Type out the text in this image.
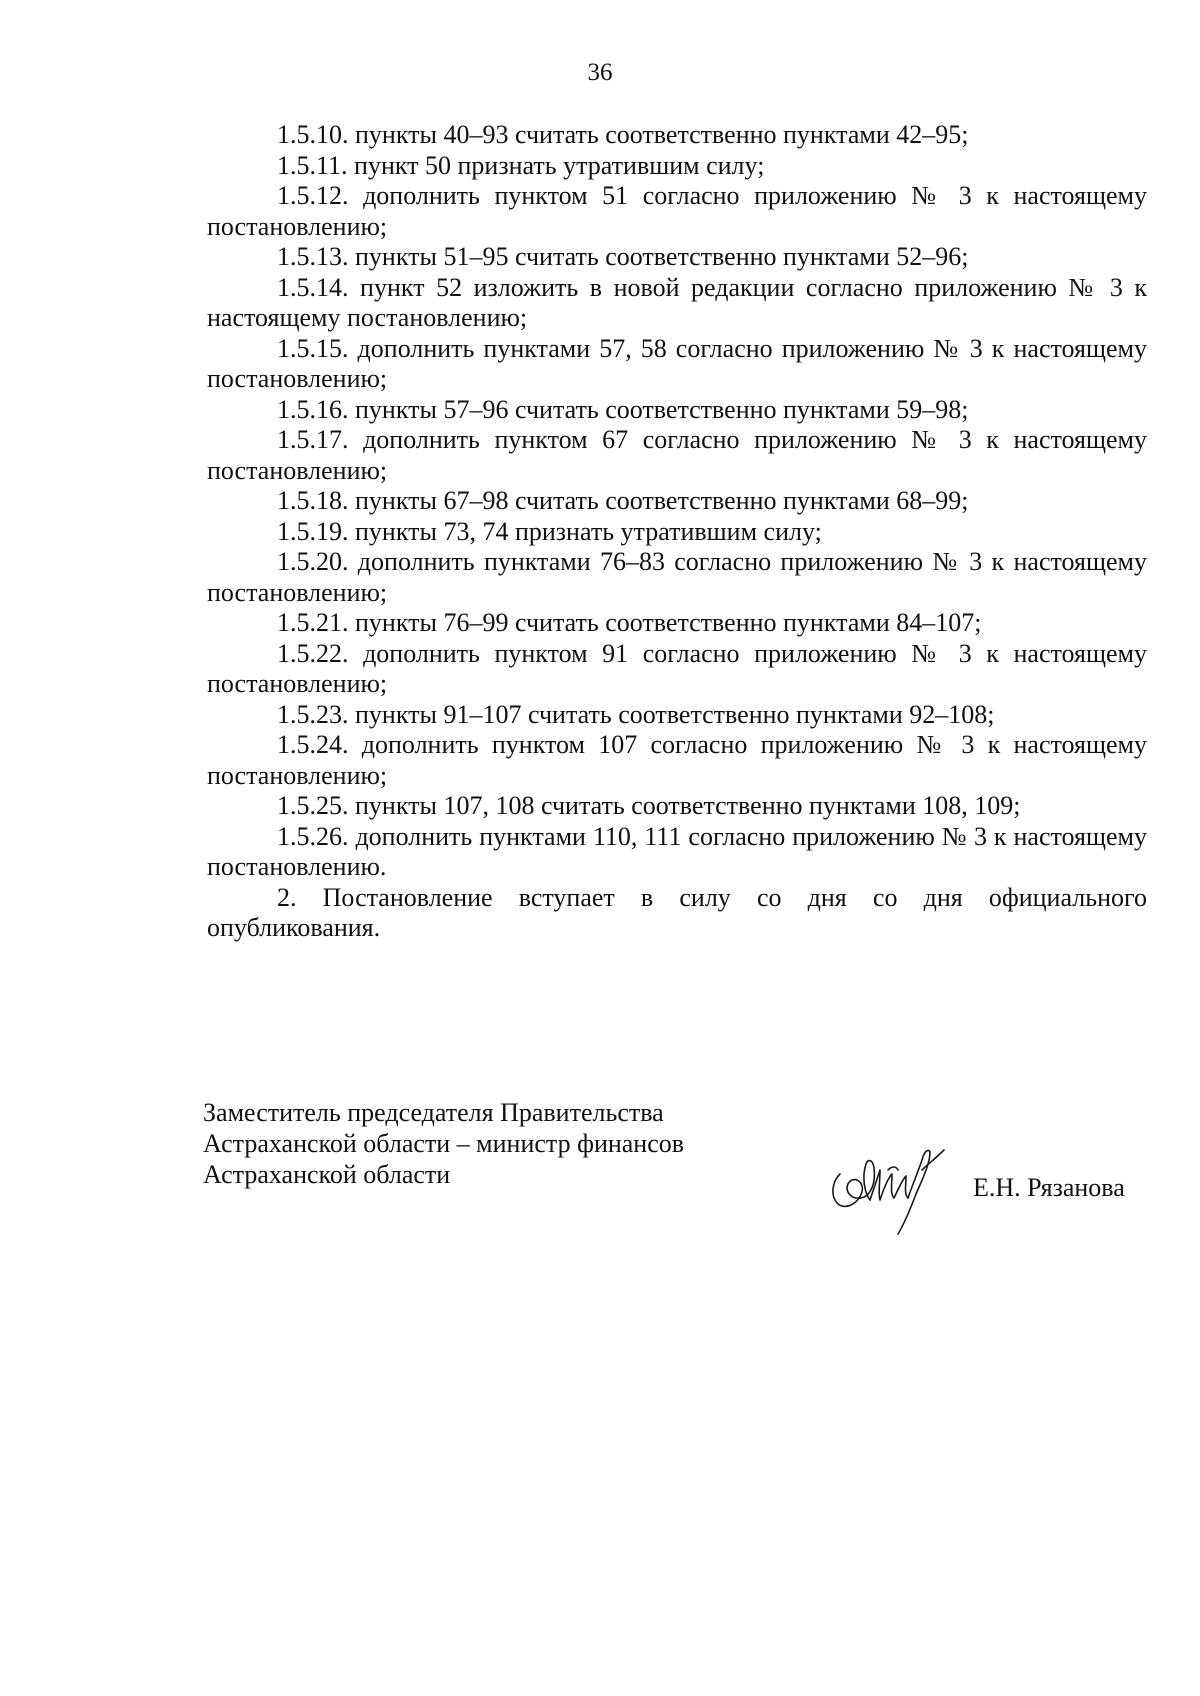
36

1.5.10. пункты 40–93 считать соответственно пунктами 42–95;

1.5.11. пункт 50 признать утратившим силу;

1.5.12. дополнить пунктом 51 согласно приложению № 3 к настоящему постановлению;

1.5.13. пункты 51–95 считать соответственно пунктами 52–96;

1.5.14. пункт 52 изложить в новой редакции согласно приложению № 3 к настоящему постановлению;

1.5.15. дополнить пунктами 57, 58 согласно приложению № 3 к настоящему постановлению;

1.5.16. пункты 57–96 считать соответственно пунктами 59–98;

1.5.17. дополнить пунктом 67 согласно приложению № 3 к настоящему постановлению;

1.5.18. пункты 67–98 считать соответственно пунктами 68–99;

1.5.19. пункты 73, 74 признать утратившим силу;

1.5.20. дополнить пунктами 76–83 согласно приложению № 3 к настоящему постановлению;

1.5.21. пункты 76–99 считать соответственно пунктами 84–107;

1.5.22. дополнить пунктом 91 согласно приложению № 3 к настоящему постановлению;

1.5.23. пункты 91–107 считать соответственно пунктами 92–108;

1.5.24. дополнить пунктом 107 согласно приложению № 3 к настоящему постановлению;

1.5.25. пункты 107, 108 считать соответственно пунктами 108, 109;

1.5.26. дополнить пунктами 110, 111 согласно приложению № 3 к настоящему постановлению.

2. Постановление вступает в силу со дня со дня официального опубликования.

Заместитель председателя Правительства
Астраханской области – министр финансов
Астраханской области	Е.Н. Рязанова
